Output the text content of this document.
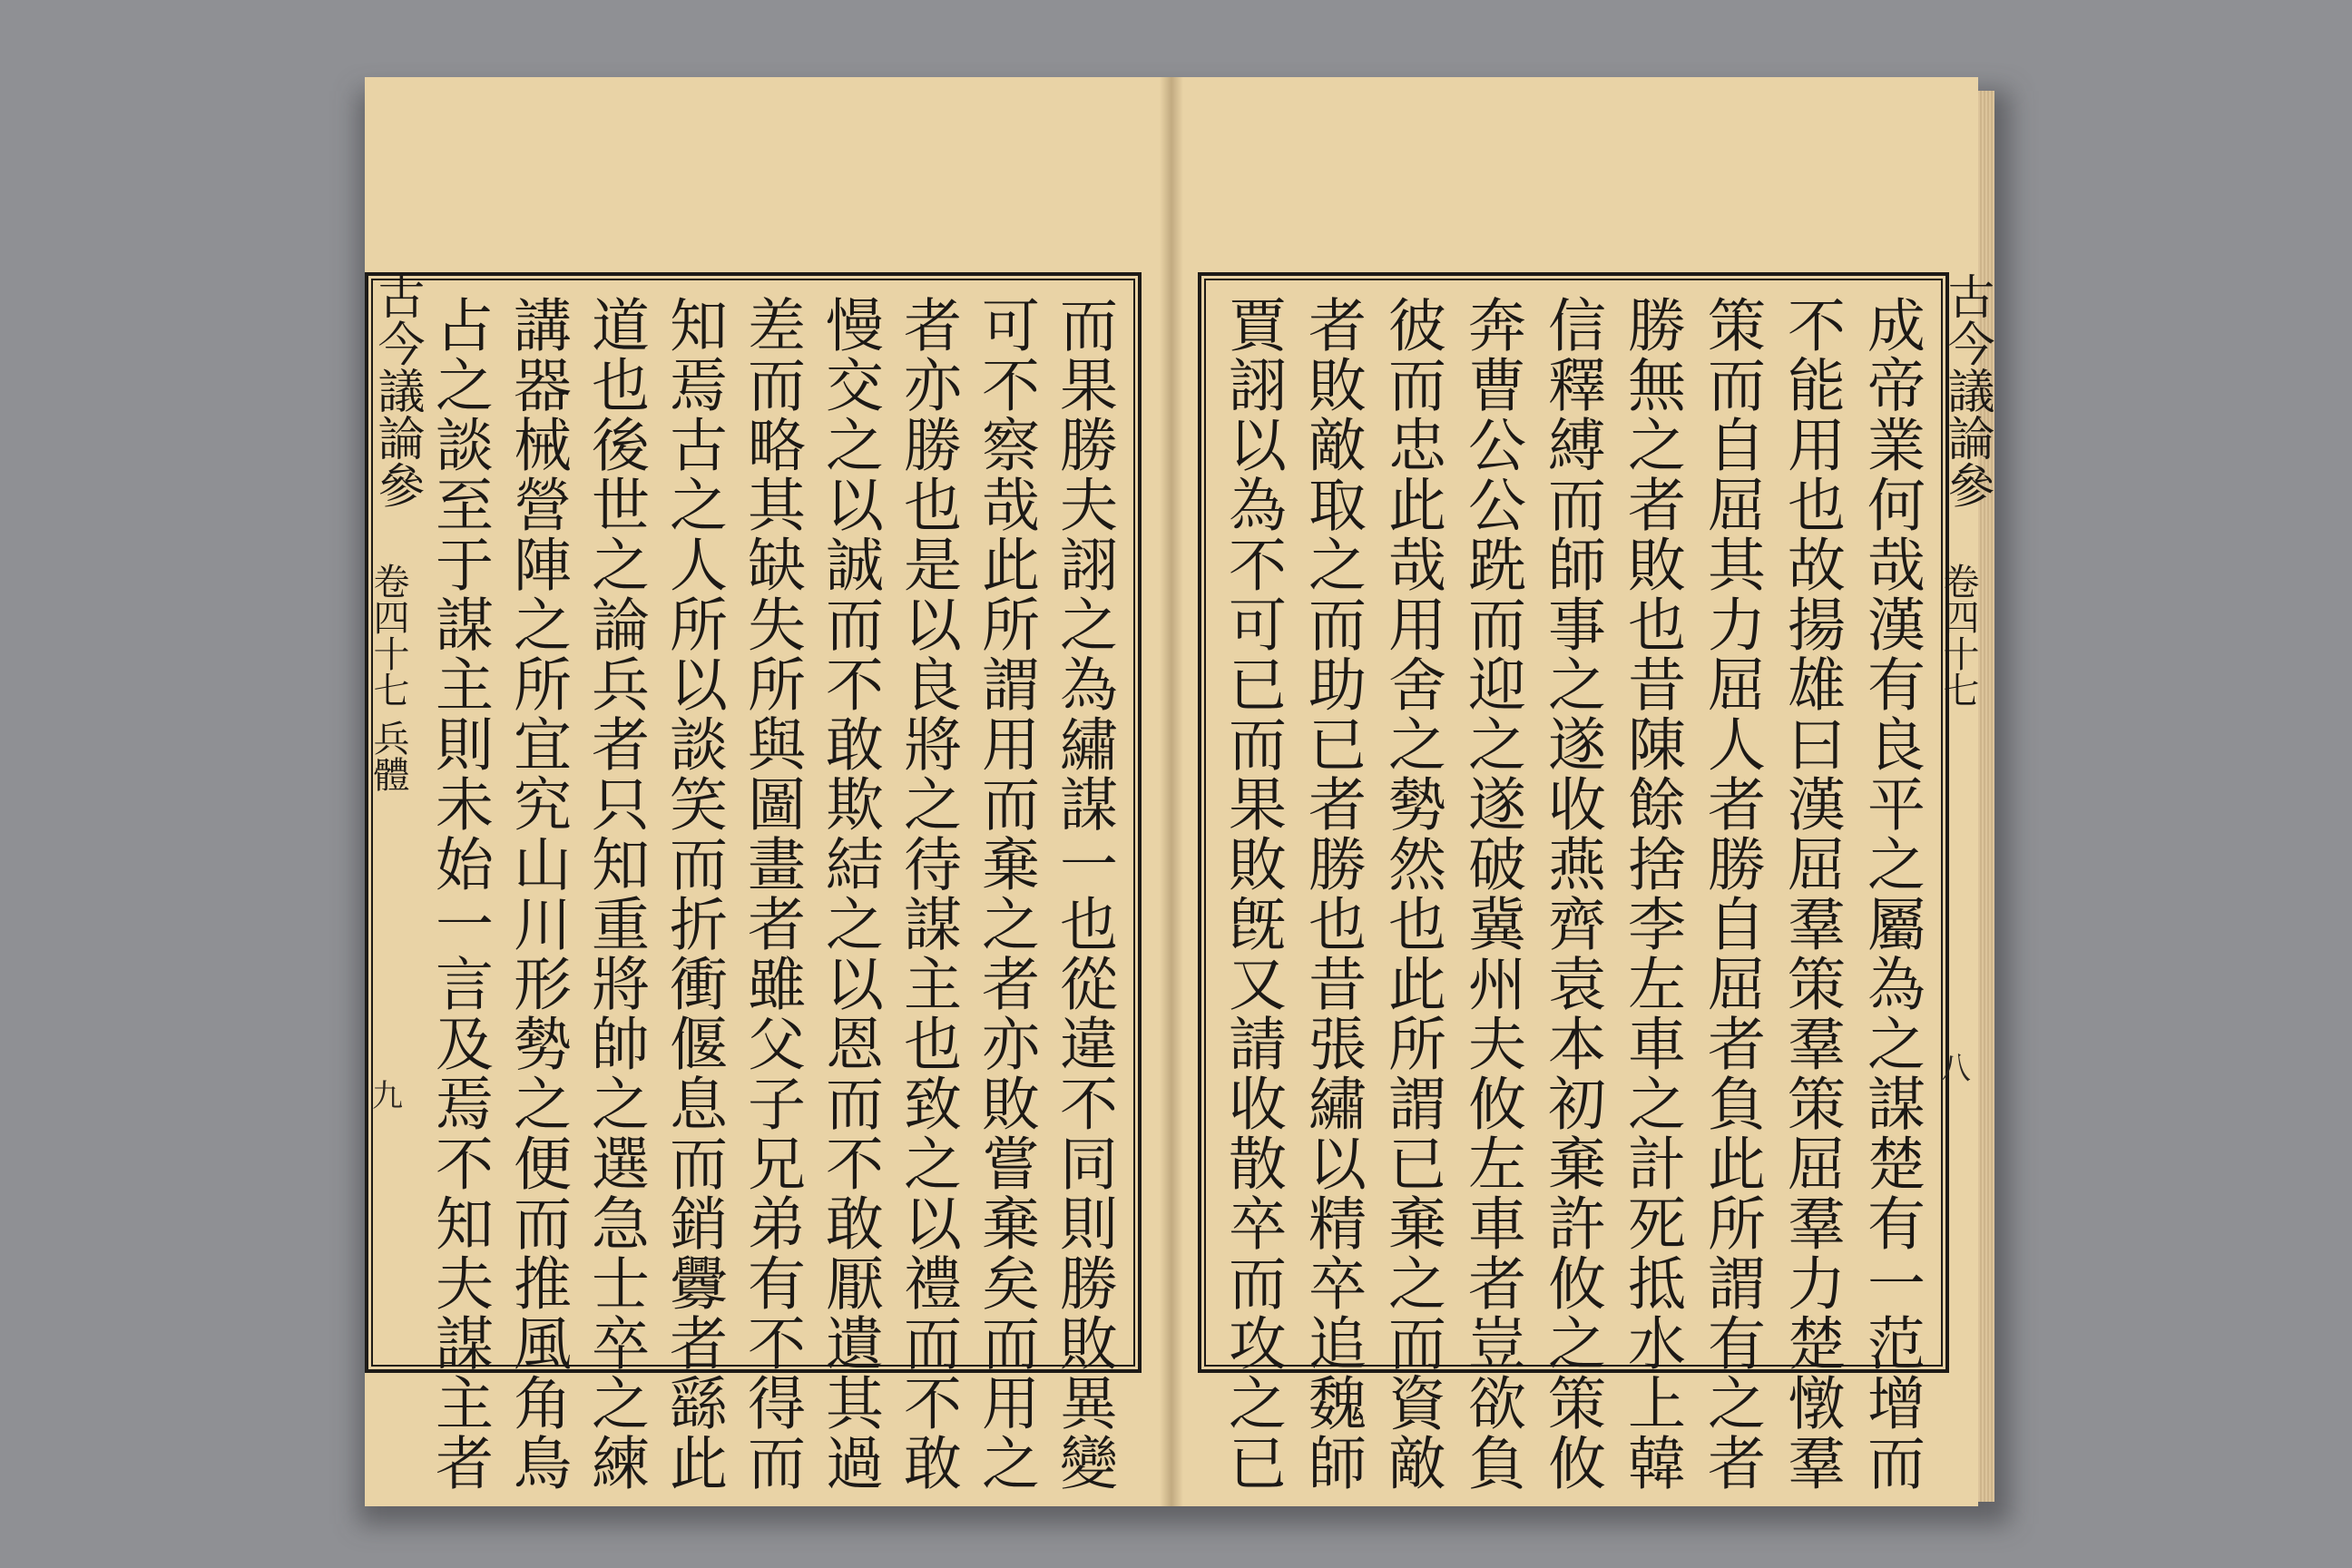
成帝業何哉漢有良平之屬為之謀楚有一范增而
不能用也故揚雄曰漢屈羣策羣策屈羣力楚憞羣
策而自屈其力屈人者勝自屈者負此所謂有之者
勝無之者敗也昔陳餘捨李左車之計死抵水上韓
信釋縛而師事之遂收燕齊袁本初棄許攸之策攸
奔曹公公跣而迎之遂破冀州夫攸左車者豈欲負
彼而忠此哉用舍之勢然也此所謂已棄之而資敵
者敗敵取之而助已者勝也昔張繡以精卒追魏師
賈詡以為不可已而果敗旣又請收散卒而攻之已	古今議論參
卷四十七
八
而果勝夫詡之為繡謀一也從違不同則勝敗異變
可不察哉此所謂用而棄之者亦敗嘗棄矣而用之
者亦勝也是以良將之待謀主也致之以禮而不敢
慢交之以誠而不敢欺結之以恩而不敢厭遺其過
差而略其缺失所與圖畫者雖父子兄弟有不得而
知焉古之人所以談笑而折衝偃息而銷釁者繇此
道也後世之論兵者只知重將帥之選急士卒之練
講器械營陣之所宜究山川形勢之便而推風角鳥
占之談至于謀主則未始一言及焉不知夫謀主者
古今議論參
卷四十七 兵體
九
